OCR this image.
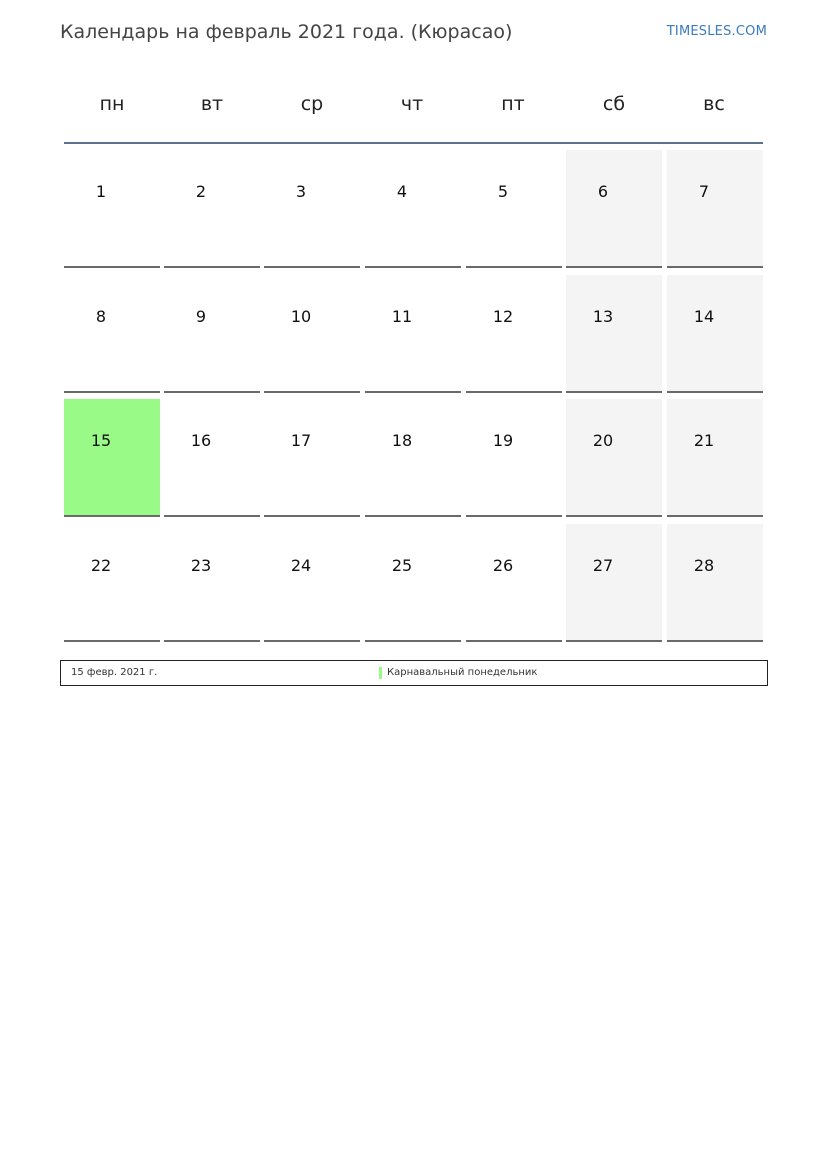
Календарь на февраль 2021 года. (Кюрасао)	TIMESLES.COM
пн	вт	ср	чт	пт	сб	вс
1	2	3	4	5	6	7
8	9	10	11	12	13	14
15	16	17	18	19	20	21
22	23	24	25	26	27	28
15 февр. 2021 г.	Карнавальный понедельник
